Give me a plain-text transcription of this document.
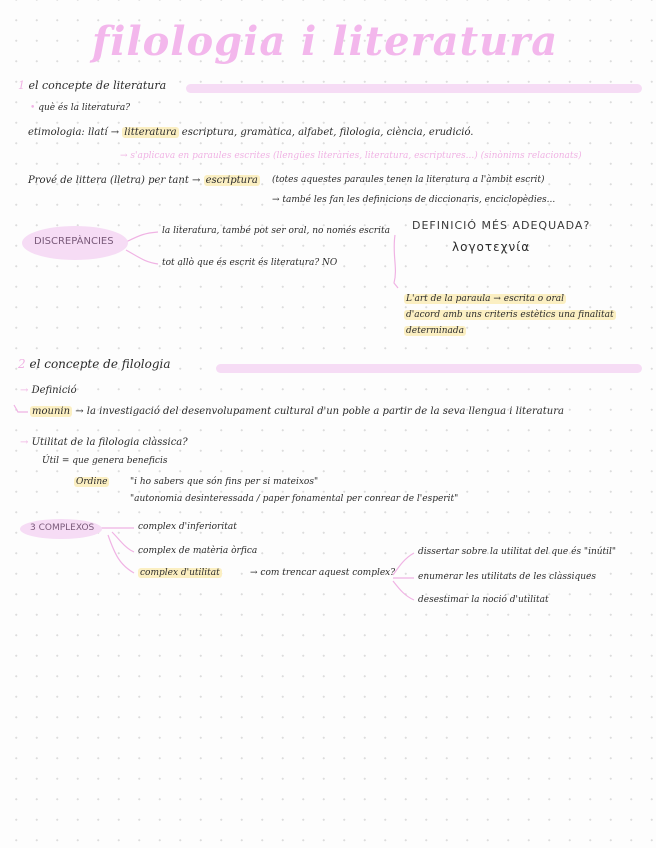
filologia i literatura
1 el concepte de literatura
• què és la literatura?
etimologia: llatí → litteratura escriptura, gramàtica, alfabet, filologia, ciència, erudició.
→ s'aplicava en paraules escrites (llengües literàries, literatura, escriptures...) (sinònims relacionats)
Prové de littera (lletra) per tant → escriptura (totes aquestes paraules tenen la literatura a l'àmbit escrit)
→ també les fan les definicions de diccionaris, enciclopèdies...
DISCREPÀNCIES
la literatura, també pot ser oral, no només escrita
tot allò que és escrit és literatura? NO
DEFINICIÓ MÉS ADEQUADA?
λογοτεχνία
L'art de la paraula → escrita o oral
d'acord amb uns criteris estètics una finalitat
determinada
2 el concepte de filologia
→ Definició
mounin → la investigació del desenvolupament cultural d'un poble a partir de la seva llengua i literatura
→ Utilitat de la filologia clàssica?
Útil = que genera beneficis
Ordine	"i ho sabers que són fins per si mateixos"
"autonomia desinteressada / paper fonamental per conrear de l'esperit"
3 COMPLEXOS	complex d'inferioritat
complex de matèria òrfica
complex d'utilitat	→ com trencar aquest complex?
dissertar sobre la utilitat del que és "inútil"
enumerar les utilitats de les clàssiques
desestimar la noció d'utilitat
